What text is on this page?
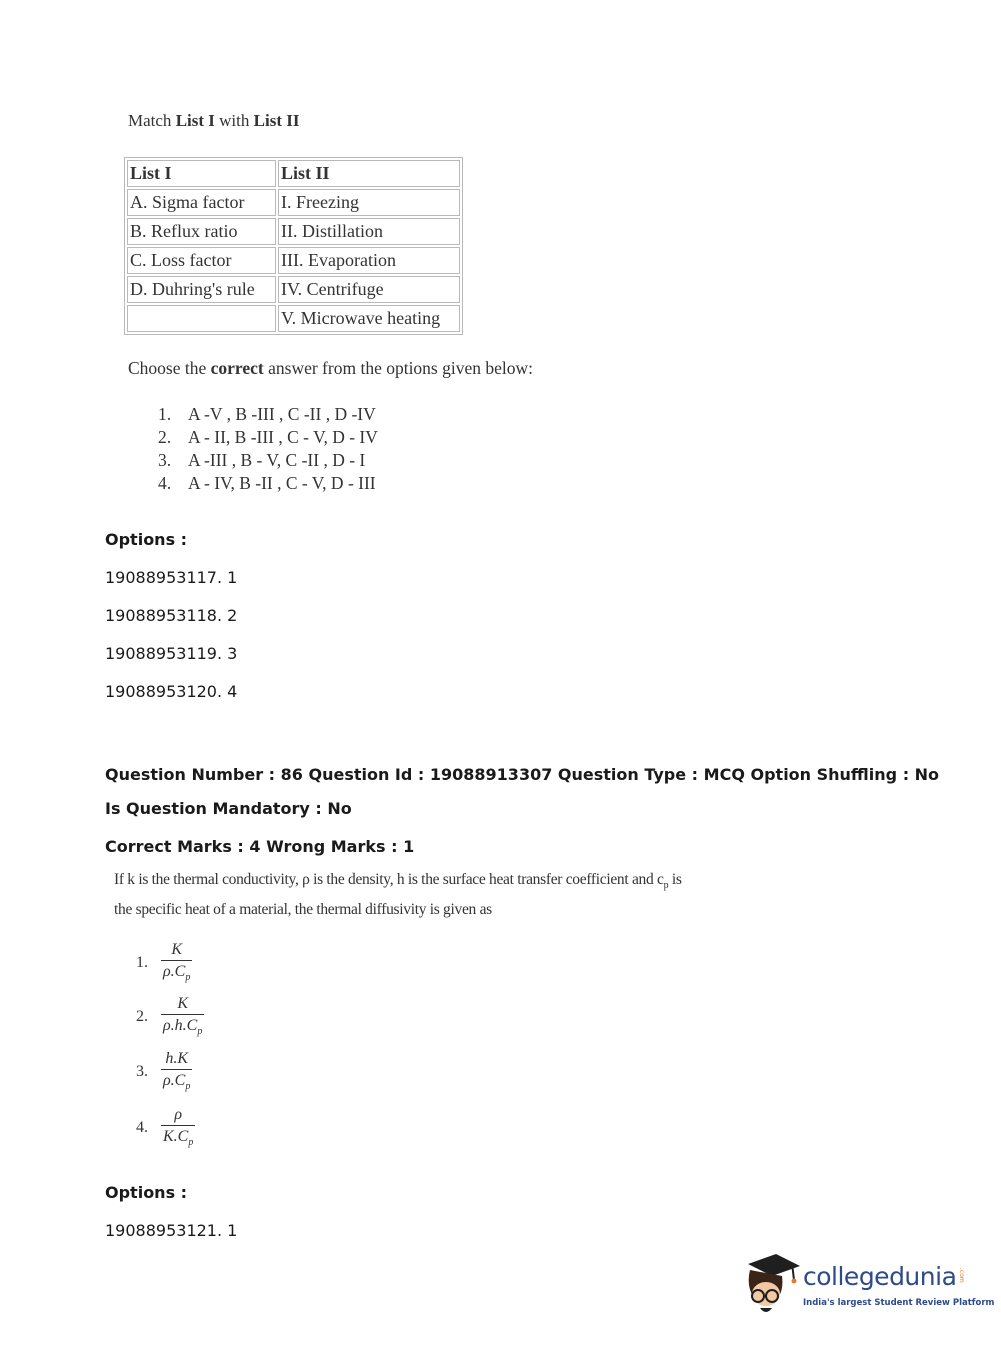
Match List I with List II
List I	List II
A. Sigma factor	I. Freezing
B. Reflux ratio	II. Distillation
C. Loss factor	III. Evaporation
D. Duhring's rule	IV. Centrifuge
	V. Microwave heating
Choose the correct answer from the options given below:
1. A -V , B -III , C -II , D -IV
2. A - II, B -III , C - V, D - IV
3. A -III , B - V, C -II , D - I
4. A - IV, B -II , C - V, D - III
Options :
19088953117. 1
19088953118. 2
19088953119. 3
19088953120. 4
Question Number : 86 Question Id : 19088913307 Question Type : MCQ Option Shuffling : No
Is Question Mandatory : No
Correct Marks : 4 Wrong Marks : 1
If k is the thermal conductivity, ρ is the density, h is the surface heat transfer coefficient and $c_p$ is
the specific heat of a material, the thermal diffusivity is given as
1.
K
$\rho.C_p$
2.
K
$\rho.h.C_p$
3.
h.K
$\rho.C_p$
4.
ρ
$K.C_p$
Options :
19088953121. 1
collegedunia .com
India's largest Student Review Platform
